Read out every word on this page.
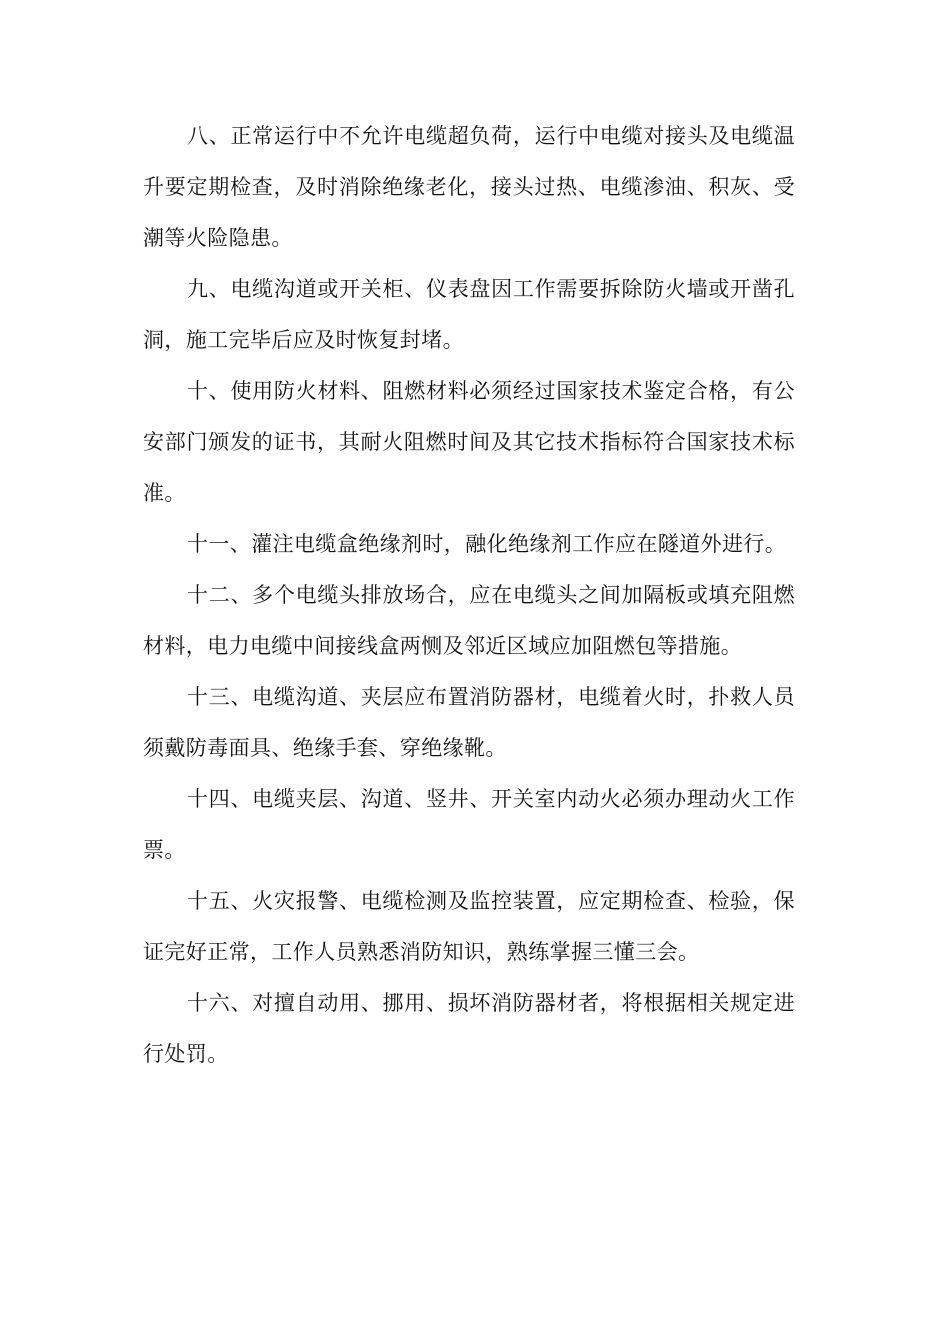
八、正常运行中不允许电缆超负荷，运行中电缆对接头及电缆温升要定期检查，及时消除绝缘老化，接头过热、电缆渗油、积灰、受潮等火险隐患。

九、电缆沟道或开关柜、仪表盘因工作需要拆除防火墙或开凿孔洞，施工完毕后应及时恢复封堵。

十、使用防火材料、阻燃材料必须经过国家技术鉴定合格，有公安部门颁发的证书，其耐火阻燃时间及其它技术指标符合国家技术标准。

十一、灌注电缆盒绝缘剂时，融化绝缘剂工作应在隧道外进行。

十二、多个电缆头排放场合，应在电缆头之间加隔板或填充阻燃材料，电力电缆中间接线盒两恻及邻近区域应加阻燃包等措施。

十三、电缆沟道、夹层应布置消防器材，电缆着火时，扑救人员须戴防毒面具、绝缘手套、穿绝缘靴。

十四、电缆夹层、沟道、竖井、开关室内动火必须办理动火工作票。

十五、火灾报警、电缆检测及监控装置，应定期检查、检验，保证完好正常，工作人员熟悉消防知识，熟练掌握三懂三会。

十六、对擅自动用、挪用、损坏消防器材者，将根据相关规定进行处罚。
